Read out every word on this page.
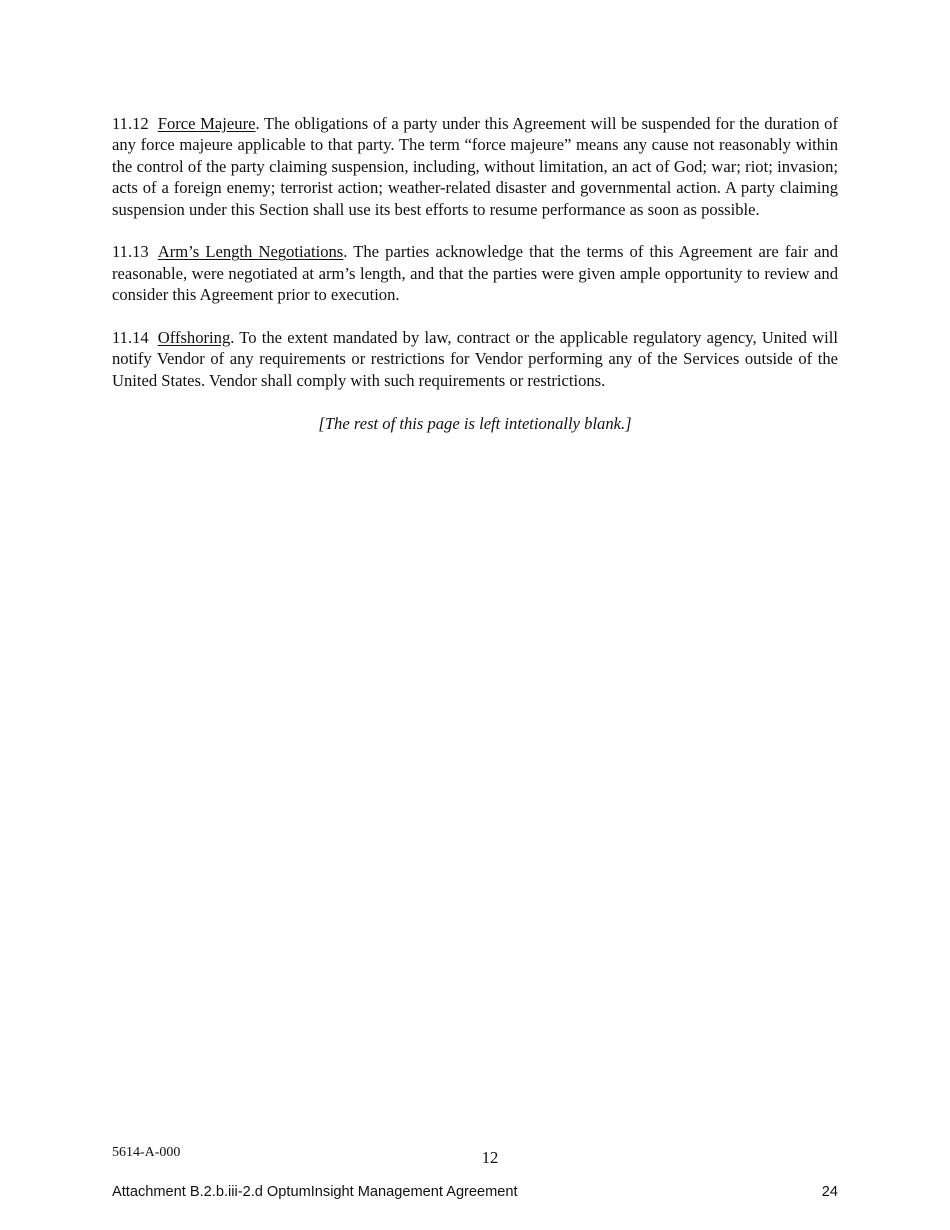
11.12 Force Majeure. The obligations of a party under this Agreement will be suspended for the duration of any force majeure applicable to that party. The term “force majeure” means any cause not reasonably within the control of the party claiming suspension, including, without limitation, an act of God; war; riot; invasion; acts of a foreign enemy; terrorist action; weather-related disaster and governmental action. A party claiming suspension under this Section shall use its best efforts to resume performance as soon as possible.

11.13 Arm’s Length Negotiations. The parties acknowledge that the terms of this Agreement are fair and reasonable, were negotiated at arm’s length, and that the parties were given ample opportunity to review and consider this Agreement prior to execution.

11.14 Offshoring. To the extent mandated by law, contract or the applicable regulatory agency, United will notify Vendor of any requirements or restrictions for Vendor performing any of the Services outside of the United States. Vendor shall comply with such requirements or restrictions.

[The rest of this page is left intetionally blank.]

5614-A-000	12
Attachment B.2.b.iii-2.d OptumInsight Management Agreement	24
